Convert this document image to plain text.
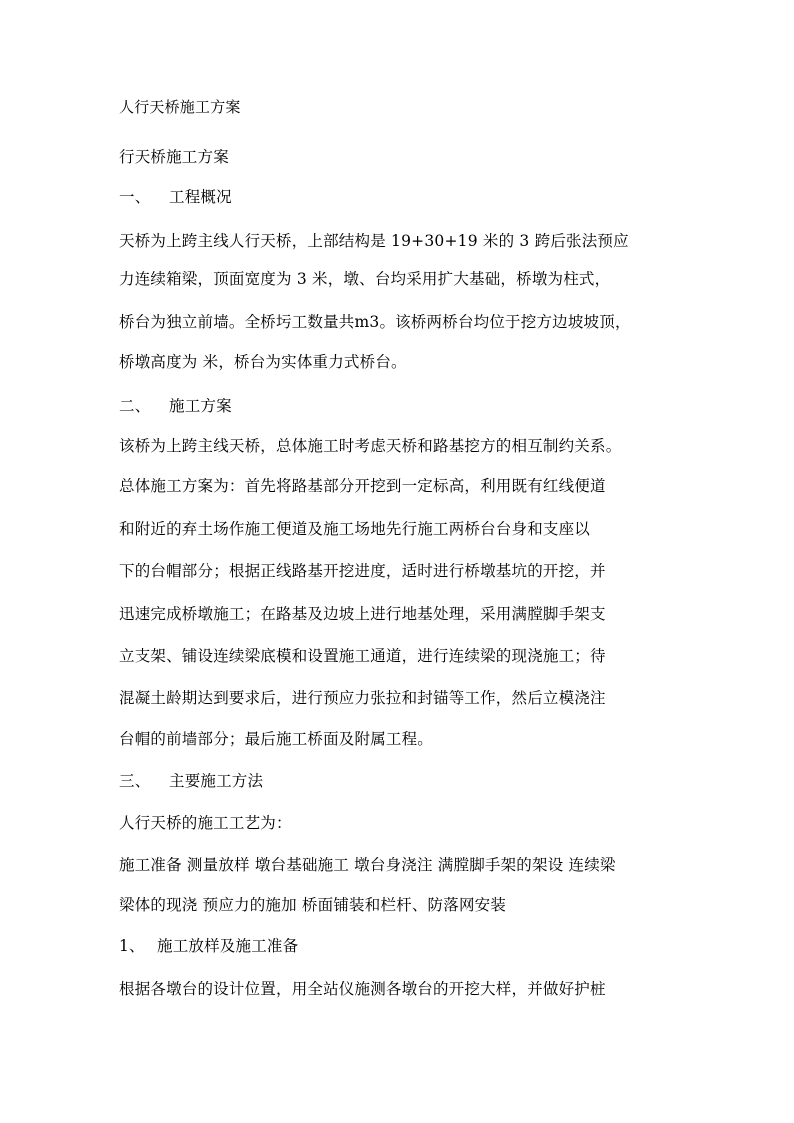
人行天桥施工方案
行天桥施工方案
一、 工程概况
天桥为上跨主线人行天桥，上部结构是 19+30+19 米的 3 跨后张法预应
力连续箱梁，顶面宽度为 3 米，墩、台均采用扩大基础，桥墩为柱式，
桥台为独立前墙。全桥圬工数量共m3。该桥两桥台均位于挖方边坡坡顶，
桥墩高度为 米，桥台为实体重力式桥台。
二、 施工方案
该桥为上跨主线天桥，总体施工时考虑天桥和路基挖方的相互制约关系。
总体施工方案为：首先将路基部分开挖到一定标高，利用既有红线便道
和附近的弃土场作施工便道及施工场地先行施工两桥台台身和支座以
下的台帽部分；根据正线路基开挖进度，适时进行桥墩基坑的开挖，并
迅速完成桥墩施工；在路基及边坡上进行地基处理，采用满膛脚手架支
立支架、铺设连续梁底模和设置施工通道，进行连续梁的现浇施工；待
混凝土龄期达到要求后，进行预应力张拉和封锚等工作，然后立模浇注
台帽的前墙部分；最后施工桥面及附属工程。
三、 主要施工方法
人行天桥的施工工艺为：
施工准备 测量放样 墩台基础施工 墩台身浇注 满膛脚手架的架设 连续梁
梁体的现浇 预应力的施加 桥面铺装和栏杆、防落网安装
1、 施工放样及施工准备
根据各墩台的设计位置，用全站仪施测各墩台的开挖大样，并做好护桩
